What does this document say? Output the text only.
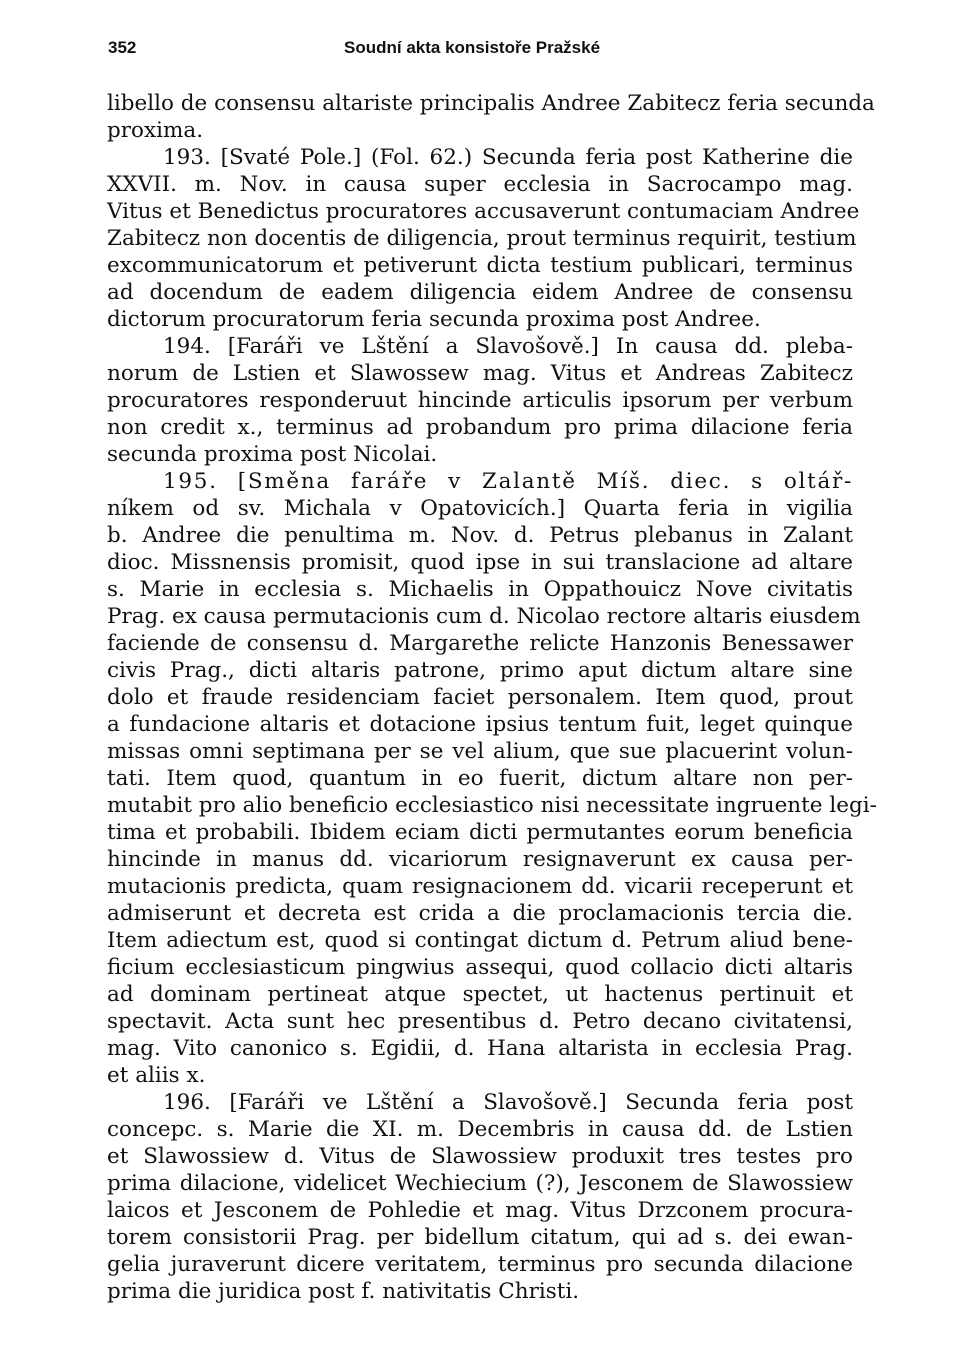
352	Soudní akta konsistoře Pražské
libello de consensu altariste principalis Andree Zabitecz feria secunda
proxima.
193. [Svaté Pole.] (Fol. 62.) Secunda feria post Katherine die
XXVII. m. Nov. in causa super ecclesia in Sacrocampo mag.
Vitus et Benedictus procuratores accusaverunt contumaciam Andree
Zabitecz non docentis de diligencia, prout terminus requirit, testium
excommunicatorum et petiverunt dicta testium publicari, terminus
ad docendum de eadem diligencia eidem Andree de consensu
dictorum procuratorum feria secunda proxima post Andree.
194. [Faráři ve Lštění a Slavošově.] In causa dd. pleba-
norum de Lstien et Slawossew mag. Vitus et Andreas Zabitecz
procuratores responderuut hincinde articulis ipsorum per verbum
non credit x., terminus ad probandum pro prima dilacione feria
secunda proxima post Nicolai.
195. [Směna faráře v Zalantě Míš. diec. s oltář-
níkem od sv. Michala v Opatovicích.] Quarta feria in vigilia
b. Andree die penultima m. Nov. d. Petrus plebanus in Zalant
dioc. Missnensis promisit, quod ipse in sui translacione ad altare
s. Marie in ecclesia s. Michaelis in Oppathouicz Nove civitatis
Prag. ex causa permutacionis cum d. Nicolao rectore altaris eiusdem
faciende de consensu d. Margarethe relicte Hanzonis Benessawer
civis Prag., dicti altaris patrone, primo aput dictum altare sine
dolo et fraude residenciam faciet personalem. Item quod, prout
a fundacione altaris et dotacione ipsius tentum fuit, leget quinque
missas omni septimana per se vel alium, que sue placuerint volun-
tati. Item quod, quantum in eo fuerit, dictum altare non per-
mutabit pro alio beneficio ecclesiastico nisi necessitate ingruente legi-
tima et probabili. Ibidem eciam dicti permutantes eorum beneficia
hincinde in manus dd. vicariorum resignaverunt ex causa per-
mutacionis predicta, quam resignacionem dd. vicarii receperunt et
admiserunt et decreta est crida a die proclamacionis tercia die.
Item adiectum est, quod si contingat dictum d. Petrum aliud bene-
ficium ecclesiasticum pingwius assequi, quod collacio dicti altaris
ad dominam pertineat atque spectet, ut hactenus pertinuit et
spectavit. Acta sunt hec presentibus d. Petro decano civitatensi,
mag. Vito canonico s. Egidii, d. Hana altarista in ecclesia Prag.
et aliis x.
196. [Faráři ve Lštění a Slavošově.] Secunda feria post
concepc. s. Marie die XI. m. Decembris in causa dd. de Lstien
et Slawossiew d. Vitus de Slawossiew produxit tres testes pro
prima dilacione, videlicet Wechiecium (?), Jesconem de Slawossiew
laicos et Jesconem de Pohledie et mag. Vitus Drzconem procura-
torem consistorii Prag. per bidellum citatum, qui ad s. dei ewan-
gelia juraverunt dicere veritatem, terminus pro secunda dilacione
prima die juridica post f. nativitatis Christi.
